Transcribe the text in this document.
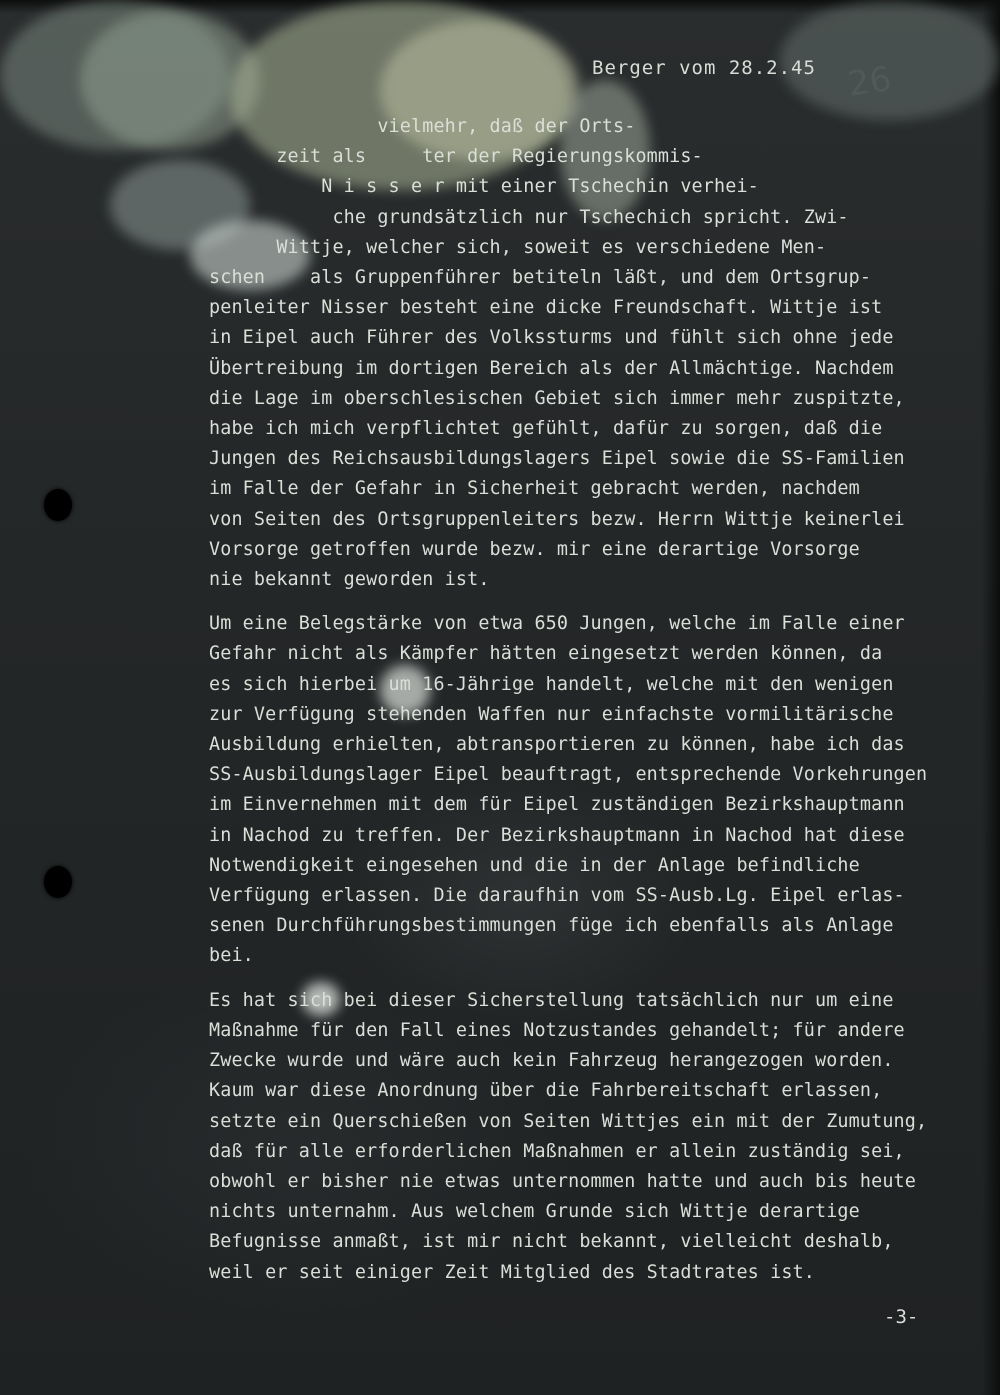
Berger vom 28.2.45 26

vielmehr, daß der Orts-
zeit als     ter der Regierungskommis-
N i s s e r mit einer Tschechin verhei-
che grundsätzlich nur Tschechich spricht. Zwi-
Wittje, welcher sich, soweit es verschiedene Men-
schen    als Gruppenführer betiteln läßt, und dem Ortsgrup-
penleiter Nisser besteht eine dicke Freundschaft. Wittje ist
in Eipel auch Führer des Volkssturms und fühlt sich ohne jede
Übertreibung im dortigen Bereich als der Allmächtige. Nachdem
die Lage im oberschlesischen Gebiet sich immer mehr zuspitzte,
habe ich mich verpflichtet gefühlt, dafür zu sorgen, daß die
Jungen des Reichsausbildungslagers Eipel sowie die SS-Familien
im Falle der Gefahr in Sicherheit gebracht werden, nachdem
von Seiten des Ortsgruppenleiters bezw. Herrn Wittje keinerlei
Vorsorge getroffen wurde bezw. mir eine derartige Vorsorge
nie bekannt geworden ist.

Um eine Belegstärke von etwa 650 Jungen, welche im Falle einer
Gefahr nicht als Kämpfer hätten eingesetzt werden können, da
es sich hierbei um 16-Jährige handelt, welche mit den wenigen
zur Verfügung stehenden Waffen nur einfachste vormilitärische
Ausbildung erhielten, abtransportieren zu können, habe ich das
SS-Ausbildungslager Eipel beauftragt, entsprechende Vorkehrungen
im Einvernehmen mit dem für Eipel zuständigen Bezirkshauptmann
in Nachod zu treffen. Der Bezirkshauptmann in Nachod hat diese
Notwendigkeit eingesehen und die in der Anlage befindliche
Verfügung erlassen. Die daraufhin vom SS-Ausb.Lg. Eipel erlas-
senen Durchführungsbestimmungen füge ich ebenfalls als Anlage
bei.

Es hat sich bei dieser Sicherstellung tatsächlich nur um eine
Maßnahme für den Fall eines Notzustandes gehandelt; für andere
Zwecke wurde und wäre auch kein Fahrzeug herangezogen worden.
Kaum war diese Anordnung über die Fahrbereitschaft erlassen,
setzte ein Querschießen von Seiten Wittjes ein mit der Zumutung,
daß für alle erforderlichen Maßnahmen er allein zuständig sei,
obwohl er bisher nie etwas unternommen hatte und auch bis heute
nichts unternahm. Aus welchem Grunde sich Wittje derartige
Befugnisse anmaßt, ist mir nicht bekannt, vielleicht deshalb,
weil er seit einiger Zeit Mitglied des Stadtrates ist.

-3-
